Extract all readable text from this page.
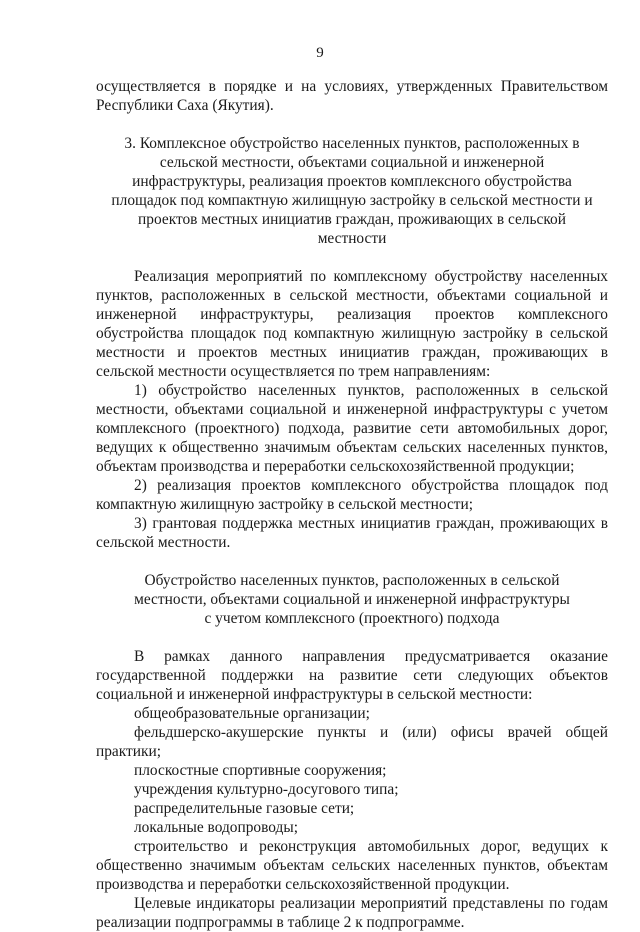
9

осуществляется в порядке и на условиях, утвержденных Правительством Республики Саха (Якутия).

3. Комплексное обустройство населенных пунктов, расположенных в сельской местности, объектами социальной и инженерной инфраструктуры, реализация проектов комплексного обустройства площадок под компактную жилищную застройку в сельской местности и проектов местных инициатив граждан, проживающих в сельской местности

Реализация мероприятий по комплексному обустройству населенных пунктов, расположенных в сельской местности, объектами социальной и инженерной инфраструктуры, реализация проектов комплексного обустройства площадок под компактную жилищную застройку в сельской местности и проектов местных инициатив граждан, проживающих в сельской местности осуществляется по трем направлениям:

1) обустройство населенных пунктов, расположенных в сельской местности, объектами социальной и инженерной инфраструктуры с учетом комплексного (проектного) подхода, развитие сети автомобильных дорог, ведущих к общественно значимым объектам сельских населенных пунктов, объектам производства и переработки сельскохозяйственной продукции;

2) реализация проектов комплексного обустройства площадок под компактную жилищную застройку в сельской местности;

3) грантовая поддержка местных инициатив граждан, проживающих в сельской местности.

Обустройство населенных пунктов, расположенных в сельской местности, объектами социальной и инженерной инфраструктуры с учетом комплексного (проектного) подхода

В рамках данного направления предусматривается оказание государственной поддержки на развитие сети следующих объектов социальной и инженерной инфраструктуры в сельской местности:

общеобразовательные организации;

фельдшерско-акушерские пункты и (или) офисы врачей общей практики;

плоскостные спортивные сооружения;

учреждения культурно-досугового типа;

распределительные газовые сети;

локальные водопроводы;

строительство и реконструкция автомобильных дорог, ведущих к общественно значимым объектам сельских населенных пунктов, объектам производства и переработки сельскохозяйственной продукции.

Целевые индикаторы реализации мероприятий представлены по годам реализации подпрограммы в таблице 2 к подпрограмме.
